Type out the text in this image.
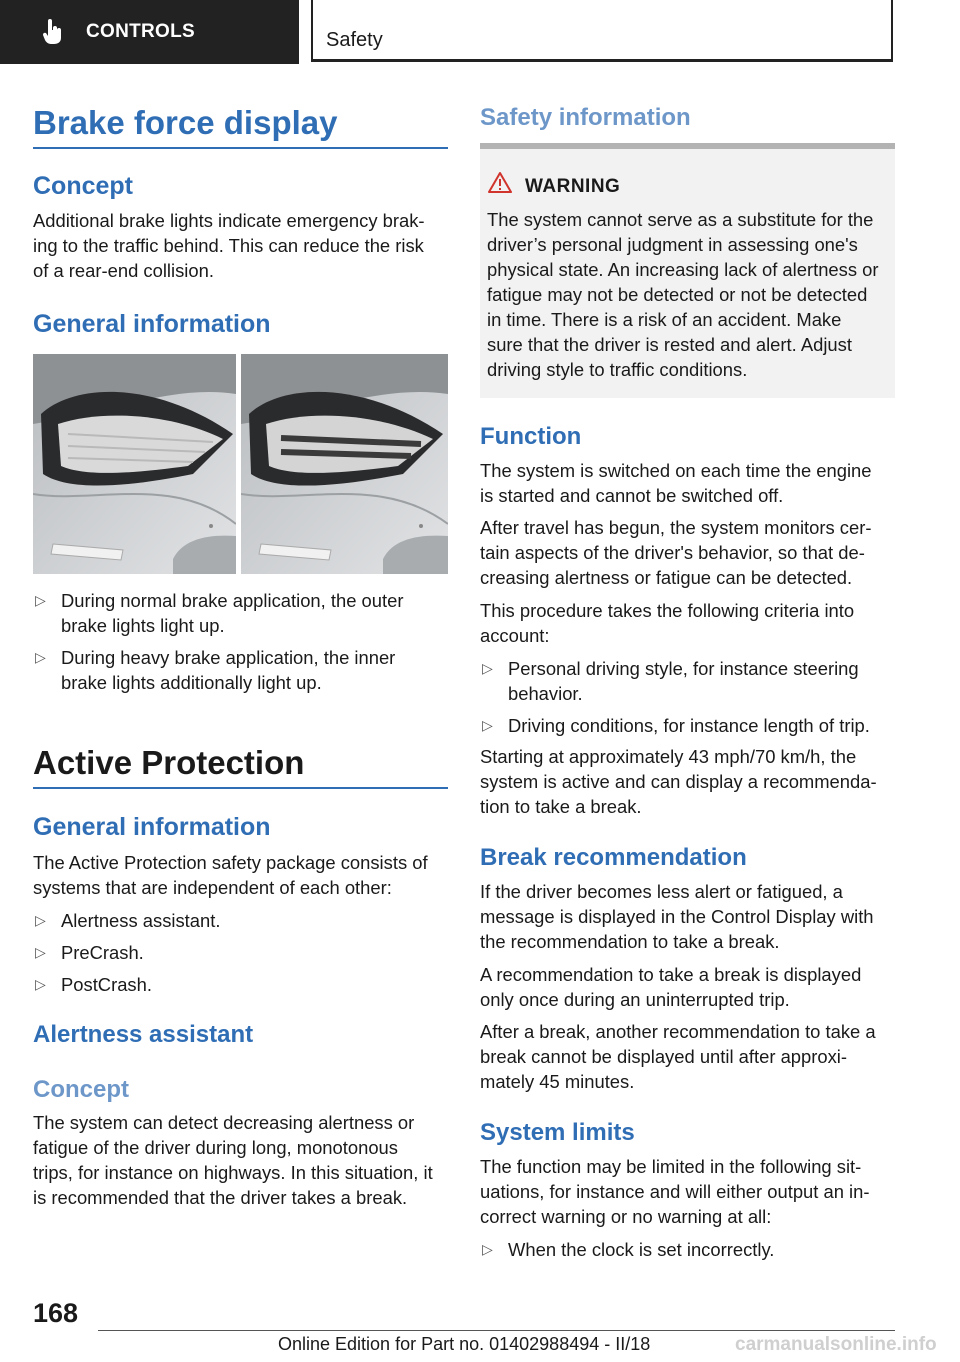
CONTROLS	Safety
Brake force display
Concept
Additional brake lights indicate emergency brak‐
ing to the traffic behind. This can reduce the risk
of a rear‑end collision.
General information
▷ During normal brake application, the outer
brake lights light up.
▷ During heavy brake application, the inner
brake lights additionally light up.
Active Protection
General information
The Active Protection safety package consists of
systems that are independent of each other:
▷ Alertness assistant.
▷ PreCrash.
▷ PostCrash.
Alertness assistant
Concept
The system can detect decreasing alertness or
fatigue of the driver during long, monotonous
trips, for instance on highways. In this situation, it
is recommended that the driver takes a break.
Safety information
WARNING
The system cannot serve as a substitute for the
driver’s personal judgment in assessing one's
physical state. An increasing lack of alertness or
fatigue may not be detected or not be detected
in time. There is a risk of an accident. Make
sure that the driver is rested and alert. Adjust
driving style to traffic conditions.
Function
The system is switched on each time the engine
is started and cannot be switched off.
After travel has begun, the system monitors cer‐
tain aspects of the driver's behavior, so that de‐
creasing alertness or fatigue can be detected.
This procedure takes the following criteria into
account:
▷ Personal driving style, for instance steering
behavior.
▷ Driving conditions, for instance length of trip.
Starting at approximately 43 mph/70 km/h, the
system is active and can display a recommenda‐
tion to take a break.
Break recommendation
If the driver becomes less alert or fatigued, a
message is displayed in the Control Display with
the recommendation to take a break.
A recommendation to take a break is displayed
only once during an uninterrupted trip.
After a break, another recommendation to take a
break cannot be displayed until after approxi‐
mately 45 minutes.
System limits
The function may be limited in the following sit‐
uations, for instance and will either output an in‐
correct warning or no warning at all:
▷ When the clock is set incorrectly.
168
Online Edition for Part no. 01402988494 - II/18	carmanualsonline.info
